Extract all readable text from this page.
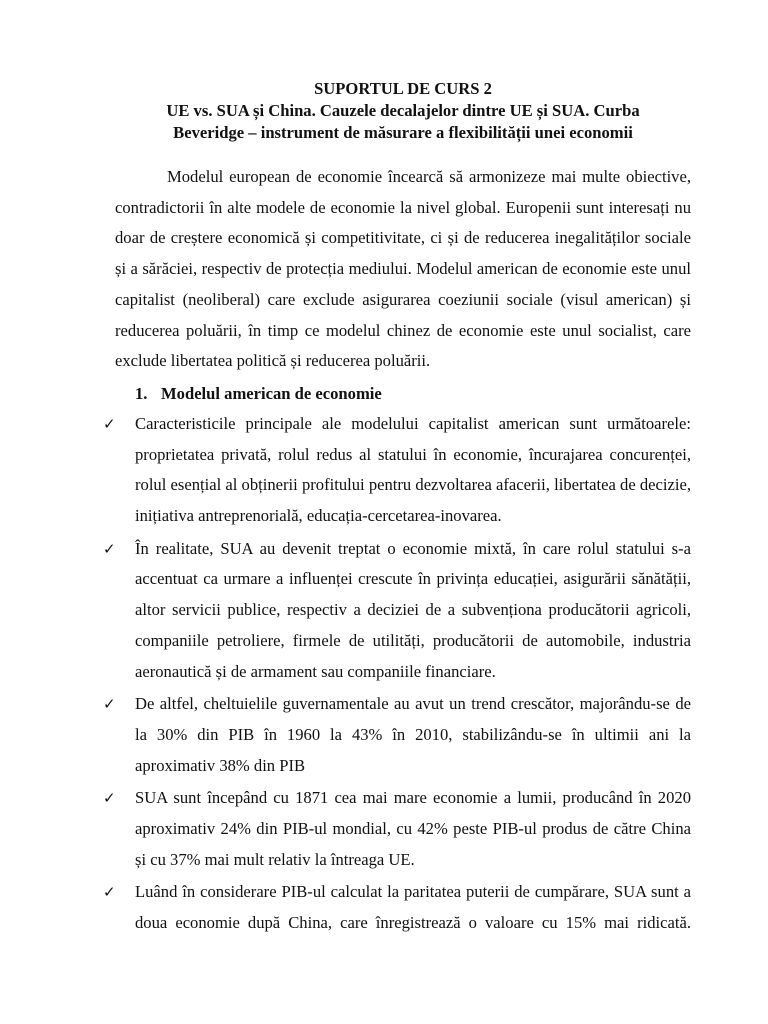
SUPORTUL DE CURS 2
UE vs. SUA și China. Cauzele decalajelor dintre UE și SUA. Curba
Beveridge – instrument de măsurare a flexibilității unei economii

Modelul european de economie încearcă să armonizeze mai multe obiective, contradictorii în alte modele de economie la nivel global. Europenii sunt interesați nu doar de creștere economică și competitivitate, ci și de reducerea inegalităților sociale și a sărăciei, respectiv de protecția mediului. Modelul american de economie este unul capitalist (neoliberal) care exclude asigurarea coeziunii sociale (visul american) și reducerea poluării, în timp ce modelul chinez de economie este unul socialist, care exclude libertatea politică și reducerea poluării.

1. Modelul american de economie
✓ Caracteristicile principale ale modelului capitalist american sunt următoarele: proprietatea privată, rolul redus al statului în economie, încurajarea concurenței, rolul esențial al obținerii profitului pentru dezvoltarea afacerii, libertatea de decizie, inițiativa antreprenorială, educația-cercetarea-inovarea.
✓ În realitate, SUA au devenit treptat o economie mixtă, în care rolul statului s-a accentuat ca urmare a influenței crescute în privința educației, asigurării sănătății, altor servicii publice, respectiv a deciziei de a subvenționa producătorii agricoli, companiile petroliere, firmele de utilități, producătorii de automobile, industria aeronautică și de armament sau companiile financiare.
✓ De altfel, cheltuielile guvernamentale au avut un trend crescător, majorându-se de la 30% din PIB în 1960 la 43% în 2010, stabilizându-se în ultimii ani la aproximativ 38% din PIB
✓ SUA sunt începând cu 1871 cea mai mare economie a lumii, producând în 2020 aproximativ 24% din PIB-ul mondial, cu 42% peste PIB-ul produs de către China și cu 37% mai mult relativ la întreaga UE.
✓ Luând în considerare PIB-ul calculat la paritatea puterii de cumpărare, SUA sunt a doua economie după China, care înregistrează o valoare cu 15% mai ridicată.
